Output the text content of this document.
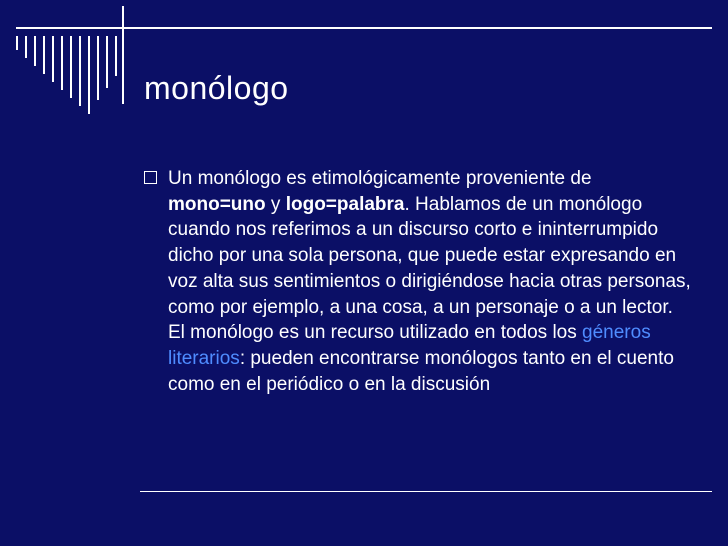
monólogo

Un monólogo es etimológicamente proveniente de mono=uno y logo=palabra. Hablamos de un monólogo cuando nos referimos a un discurso corto e ininterrumpido dicho por una sola persona, que puede estar expresando en voz alta sus sentimientos o dirigiéndose hacia otras personas, como por ejemplo, a una cosa, a un personaje o a un lector. El monólogo es un recurso utilizado en todos los géneros literarios: pueden encontrarse monólogos tanto en el cuento como en el periódico o en la discusión
